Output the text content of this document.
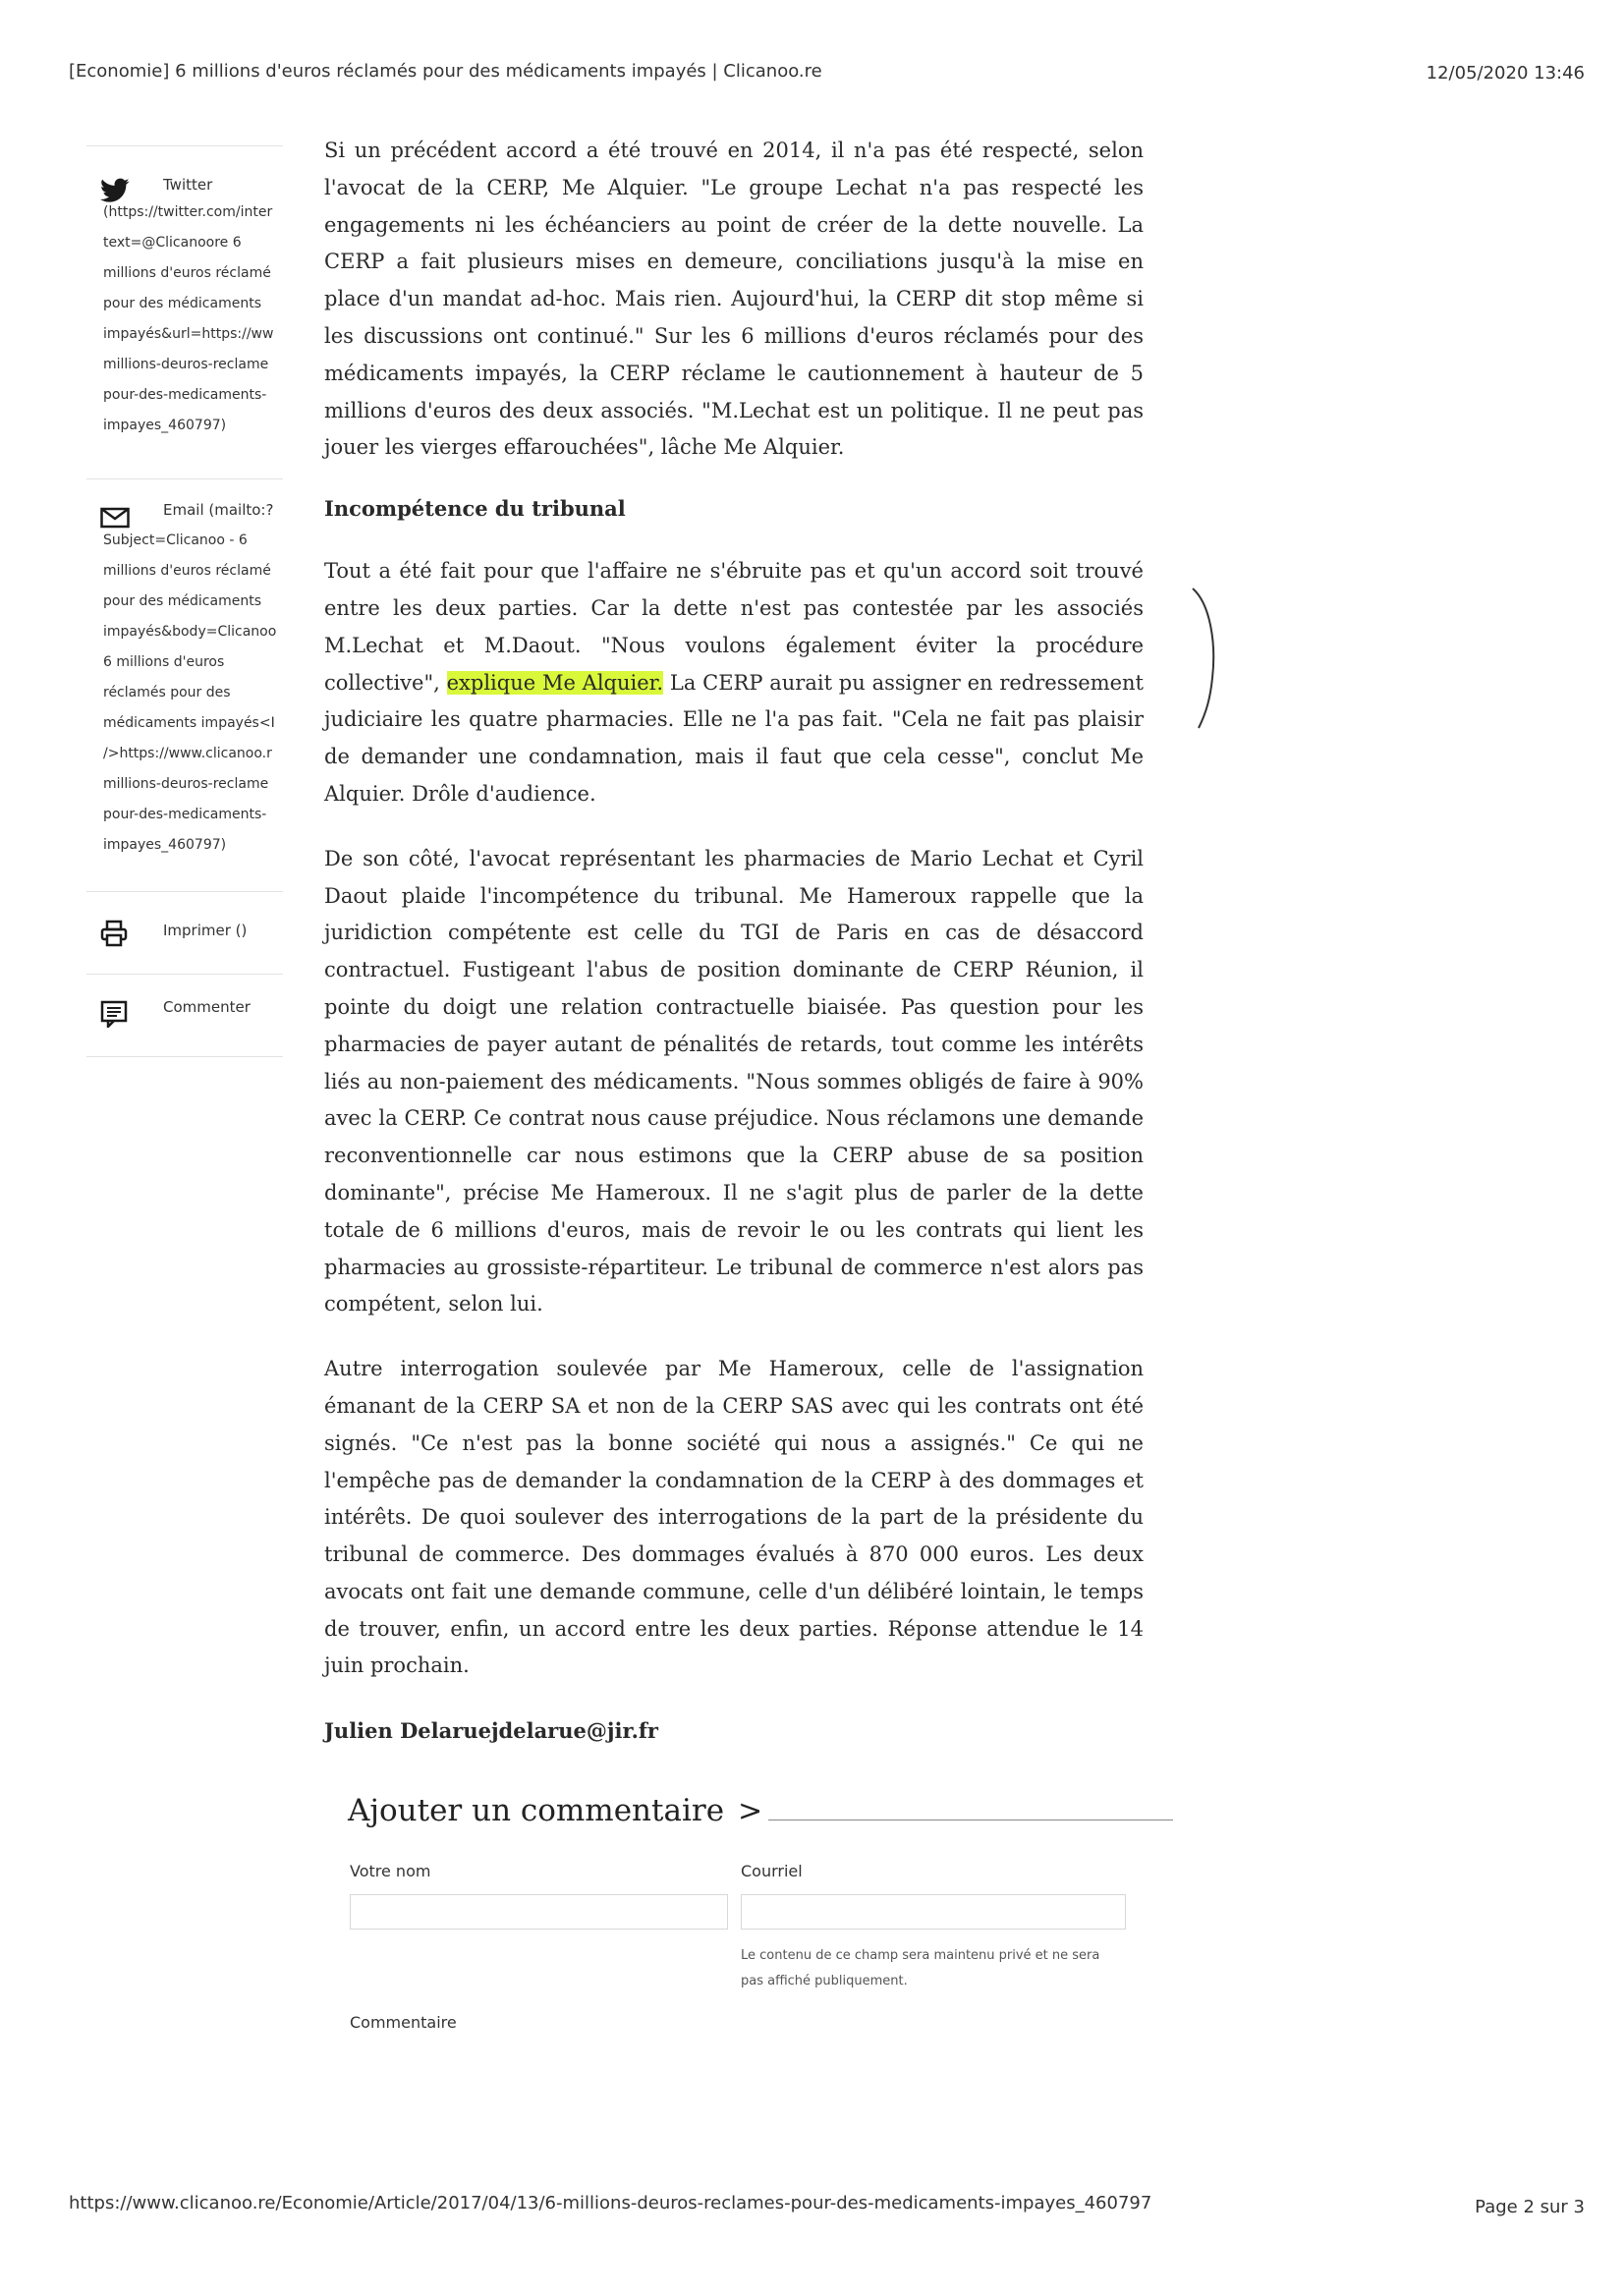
[Economie] 6 millions d'euros réclamés pour des médicaments impayés | Clicanoo.re	12/05/2020 13:46
Twitter
(https://twitter.com/inter
text=@Clicanoore 6
millions d'euros réclamé
pour des médicaments
impayés&url=https://ww
millions-deuros-reclame
pour-des-medicaments-
impayes_460797)
Email (mailto:?
Subject=Clicanoo - 6
millions d'euros réclamé
pour des médicaments
impayés&body=Clicanoo
6 millions d'euros
réclamés pour des
médicaments impayés<I
/>https://www.clicanoo.r
millions-deuros-reclame
pour-des-medicaments-
impayes_460797)
Imprimer ()
Commenter

Si un précédent accord a été trouvé en 2014, il n'a pas été respecté, selon l'avocat de la CERP, Me Alquier. "Le groupe Lechat n'a pas respecté les engagements ni les échéanciers au point de créer de la dette nouvelle. La CERP a fait plusieurs mises en demeure, conciliations jusqu'à la mise en place d'un mandat ad-hoc. Mais rien. Aujourd'hui, la CERP dit stop même si les discussions ont continué." Sur les 6 millions d'euros réclamés pour des médicaments impayés, la CERP réclame le cautionnement à hauteur de 5 millions d'euros des deux associés. "M.Lechat est un politique. Il ne peut pas jouer les vierges effarouchées", lâche Me Alquier.

Incompétence du tribunal

Tout a été fait pour que l'affaire ne s'ébruite pas et qu'un accord soit trouvé entre les deux parties. Car la dette n'est pas contestée par les associés M.Lechat et M.Daout. "Nous voulons également éviter la procédure collective", explique Me Alquier. La CERP aurait pu assigner en redressement judiciaire les quatre pharmacies. Elle ne l'a pas fait. "Cela ne fait pas plaisir de demander une condamnation, mais il faut que cela cesse", conclut Me Alquier. Drôle d'audience.

De son côté, l'avocat représentant les pharmacies de Mario Lechat et Cyril Daout plaide l'incompétence du tribunal. Me Hameroux rappelle que la juridiction compétente est celle du TGI de Paris en cas de désaccord contractuel. Fustigeant l'abus de position dominante de CERP Réunion, il pointe du doigt une relation contractuelle biaisée. Pas question pour les pharmacies de payer autant de pénalités de retards, tout comme les intérêts liés au non-paiement des médicaments. "Nous sommes obligés de faire à 90% avec la CERP. Ce contrat nous cause préjudice. Nous réclamons une demande reconventionnelle car nous estimons que la CERP abuse de sa position dominante", précise Me Hameroux. Il ne s'agit plus de parler de la dette totale de 6 millions d'euros, mais de revoir le ou les contrats qui lient les pharmacies au grossiste-répartiteur. Le tribunal de commerce n'est alors pas compétent, selon lui.

Autre interrogation soulevée par Me Hameroux, celle de l'assignation émanant de la CERP SA et non de la CERP SAS avec qui les contrats ont été signés. "Ce n'est pas la bonne société qui nous a assignés." Ce qui ne l'empêche pas de demander la condamnation de la CERP à des dommages et intérêts. De quoi soulever des interrogations de la part de la présidente du tribunal de commerce. Des dommages évalués à 870 000 euros. Les deux avocats ont fait une demande commune, celle d'un délibéré lointain, le temps de trouver, enfin, un accord entre les deux parties. Réponse attendue le 14 juin prochain.

Julien Delaruejdelarue@jir.fr

Ajouter un commentaire >
Votre nom	Courriel
Le contenu de ce champ sera maintenu privé et ne sera pas affiché publiquement.
Commentaire
https://www.clicanoo.re/Economie/Article/2017/04/13/6-millions-deuros-reclames-pour-des-medicaments-impayes_460797	Page 2 sur 3
